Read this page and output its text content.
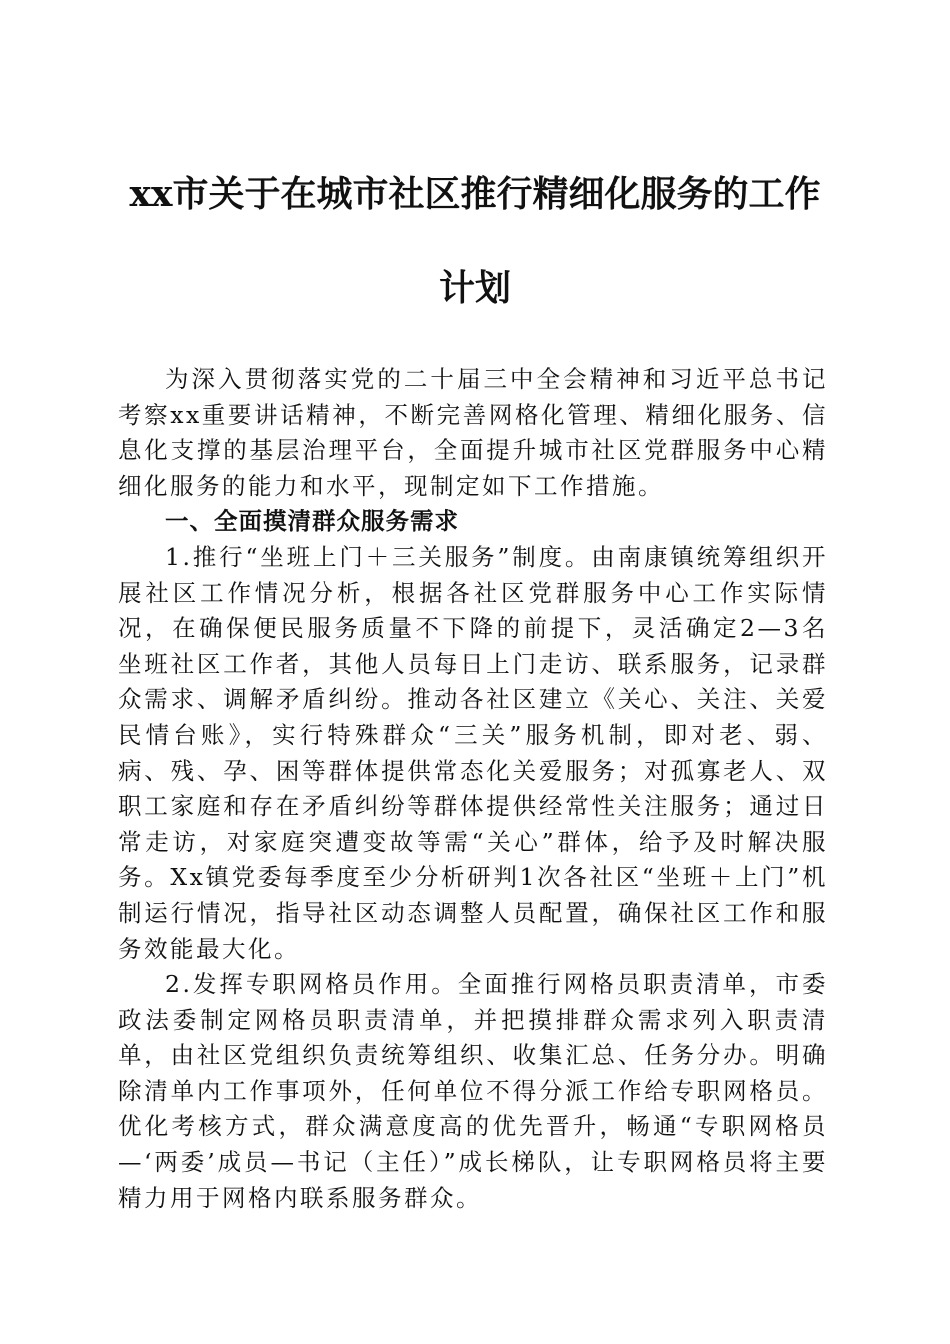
xx市关于在城市社区推行精细化服务的工作
计划

为深入贯彻落实党的二十届三中全会精神和习近平总书记考察xx重要讲话精神，不断完善网格化管理、精细化服务、信息化支撑的基层治理平台，全面提升城市社区党群服务中心精细化服务的能力和水平，现制定如下工作措施。

一、全面摸清群众服务需求

1.推行“坐班上门＋三关服务”制度。由南康镇统筹组织开展社区工作情况分析，根据各社区党群服务中心工作实际情况，在确保便民服务质量不下降的前提下，灵活确定2—3名坐班社区工作者，其他人员每日上门走访、联系服务，记录群众需求、调解矛盾纠纷。推动各社区建立《关心、关注、关爱民情台账》，实行特殊群众“三关”服务机制，即对老、弱、病、残、孕、困等群体提供常态化关爱服务；对孤寡老人、双职工家庭和存在矛盾纠纷等群体提供经常性关注服务；通过日常走访，对家庭突遭变故等需“关心”群体，给予及时解决服务。Xx镇党委每季度至少分析研判1次各社区“坐班＋上门”机制运行情况，指导社区动态调整人员配置，确保社区工作和服务效能最大化。

2.发挥专职网格员作用。全面推行网格员职责清单，市委政法委制定网格员职责清单，并把摸排群众需求列入职责清单，由社区党组织负责统筹组织、收集汇总、任务分办。明确除清单内工作事项外，任何单位不得分派工作给专职网格员。优化考核方式，群众满意度高的优先晋升，畅通“专职网格员—‘两委’成员—书记（主任）”成长梯队，让专职网格员将主要精力用于网格内联系服务群众。
